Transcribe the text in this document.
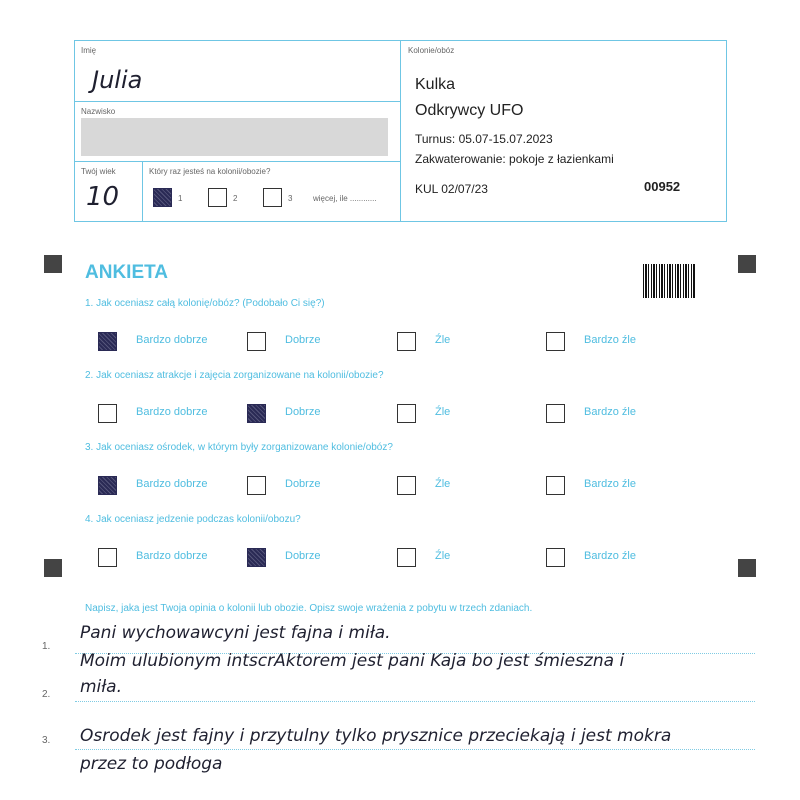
Imię
Julia
Nazwisko
Twój wiek
10
Który raz jesteś na kolonii/obozie?
1	2	3	więcej, ile ............
Kolonie/obóz
Kulka
Odkrywcy UFO
Turnus: 05.07-15.07.2023
Zakwaterowanie: pokoje z łazienkami
KUL 02/07/23	00952
ANKIETA
1. Jak oceniasz całą kolonię/obóz? (Podobało Ci się?)
Bardzo dobrze	Dobrze	Źle	Bardzo źle
2. Jak oceniasz atrakcje i zajęcia zorganizowane na kolonii/obozie?
Bardzo dobrze	Dobrze	Źle	Bardzo źle
3. Jak oceniasz ośrodek, w którym były zorganizowane kolonie/obóz?
Bardzo dobrze	Dobrze	Źle	Bardzo źle
4. Jak oceniasz jedzenie podczas kolonii/obozu?
Bardzo dobrze	Dobrze	Źle	Bardzo źle
Napisz, jaka jest Twoja opinia o kolonii lub obozie. Opisz swoje wrażenia z pobytu w trzech zdaniach.
1.
Pani wychowawcyni jest fajna i miła.
Moim ulubionym intscrAktorem jest pani Kaja bo jest śmieszna i
2. miła.
3. Osrodek jest fajny i przytulny tylko prysznice przeciekają i jest mokra
przez to podłoga
